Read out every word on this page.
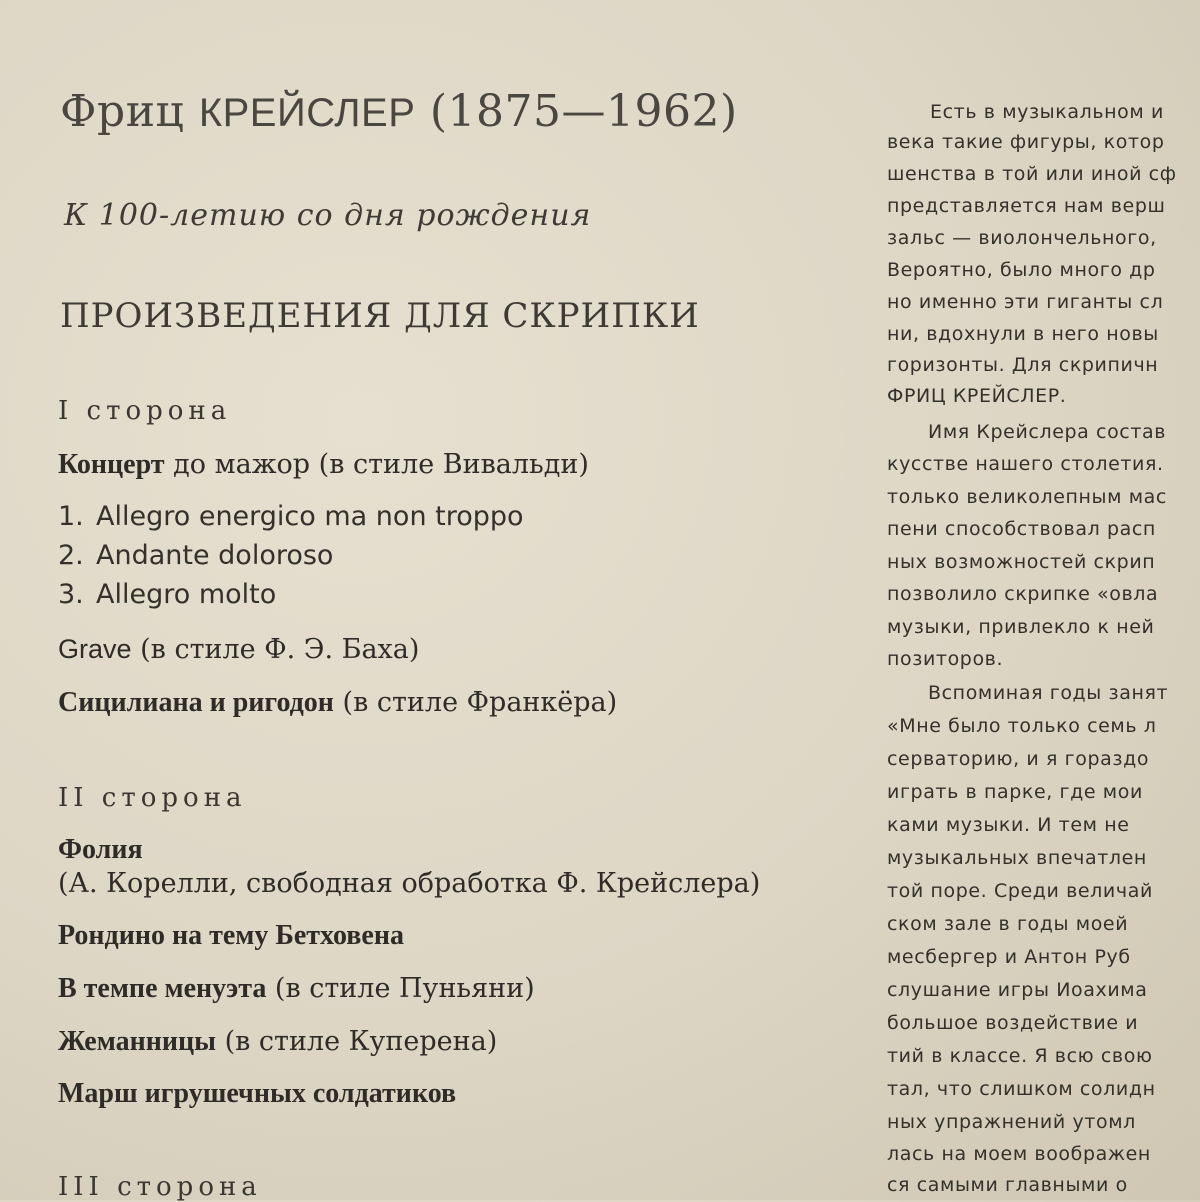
Фриц КРЕЙСЛЕР (1875—1962)
К 100-летию со дня рождения
ПРОИЗВЕДЕНИЯ ДЛЯ СКРИПКИ
I сторона
Концерт до мажор (в стиле Вивальди)
1. Allegro energico ma non troppo
2. Andante doloroso
3. Allegro molto
Grave (в стиле Ф. Э. Баха)
Сицилиана и ригодон (в стиле Франкёра)
II сторона
Фолия
(А. Корелли, свободная обработка Ф. Крейслера)
Рондино на тему Бетховена
В темпе менуэта (в стиле Пуньяни)
Жеманницы (в стиле Куперена)
Марш игрушечных солдатиков
III сторона
Есть в музыкальном и
века такие фигуры, котор
шенства в той или иной сф
представляется нам верш
зальс — виолончельного,
Вероятно, было много др
но именно эти гиганты сл
ни, вдохнули в него новы
горизонты. Для скрипичн
ФРИЦ КРЕЙСЛЕР.
Имя Крейслера состав
кусстве нашего столетия.
только великолепным мас
пени способствовал расп
ных возможностей скрип
позволило скрипке «овла
музыки, привлекло к ней
позиторов.
Вспоминая годы занят
«Мне было только семь л
серваторию, и я гораздо
играть в парке, где мои
ками музыки. И тем не
музыкальных впечатлен
той поре. Среди величай
ском зале в годы моей
месбергер и Антон Руб
слушание игры Иоахима
большое воздействие и
тий в классе. Я всю свою
тал, что слишком солидн
ных упражнений утомл
лась на моем воображен
ся самыми главными о
